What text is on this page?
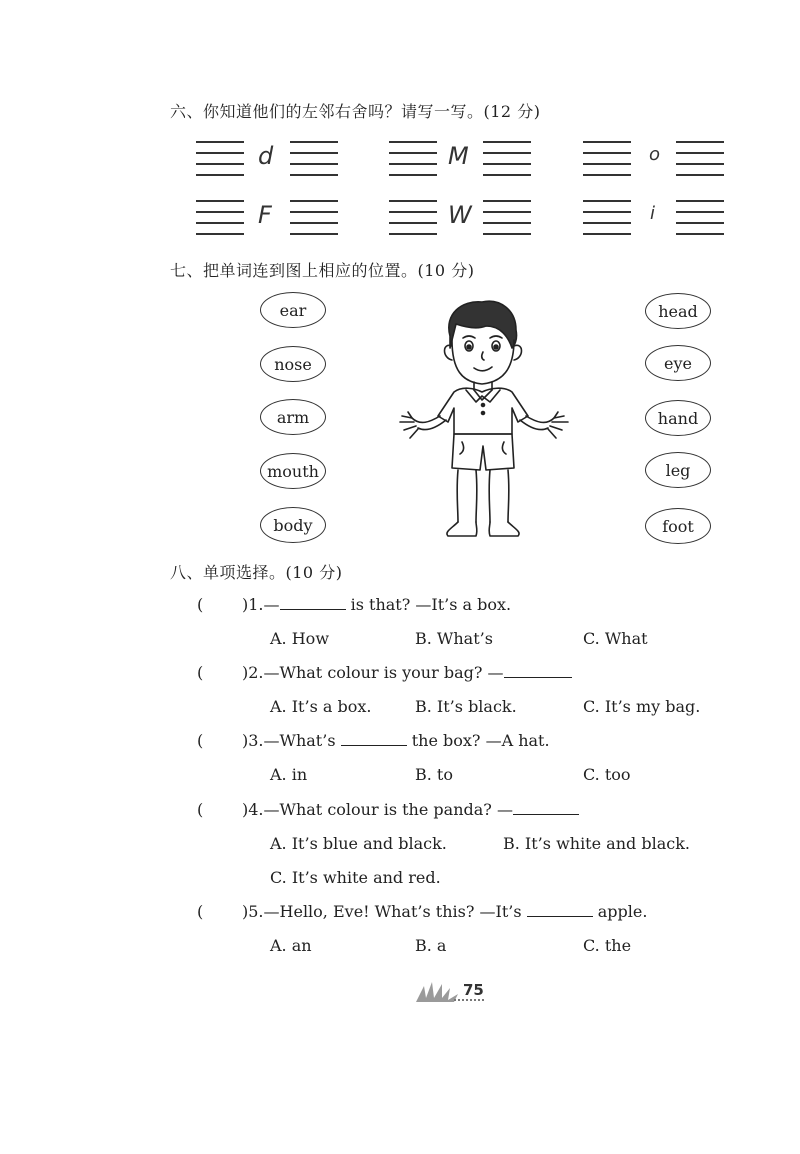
六、你知道他们的左邻右舍吗？请写一写。(12 分)
d	M	o
F	W	i
七、把单词连到图上相应的位置。(10 分)
ear
nose
arm
mouth
body
head
eye
hand
leg
foot
八、单项选择。(10 分)
( )1.—	is that? —It’s a box.
A. How	B. What’s	C. What
( )2.—What colour is your bag? —
A. It’s a box.	B. It’s black.	C. It’s my bag.
( )3.—What’s	the box? —A hat.
A. in	B. to	C. too
( )4.—What colour is the panda? —
A. It’s blue and black.	B. It’s white and black.
C. It’s white and red.
( )5.—Hello, Eve! What’s this? —It’s	apple.
A. an	B. a	C. the
75
